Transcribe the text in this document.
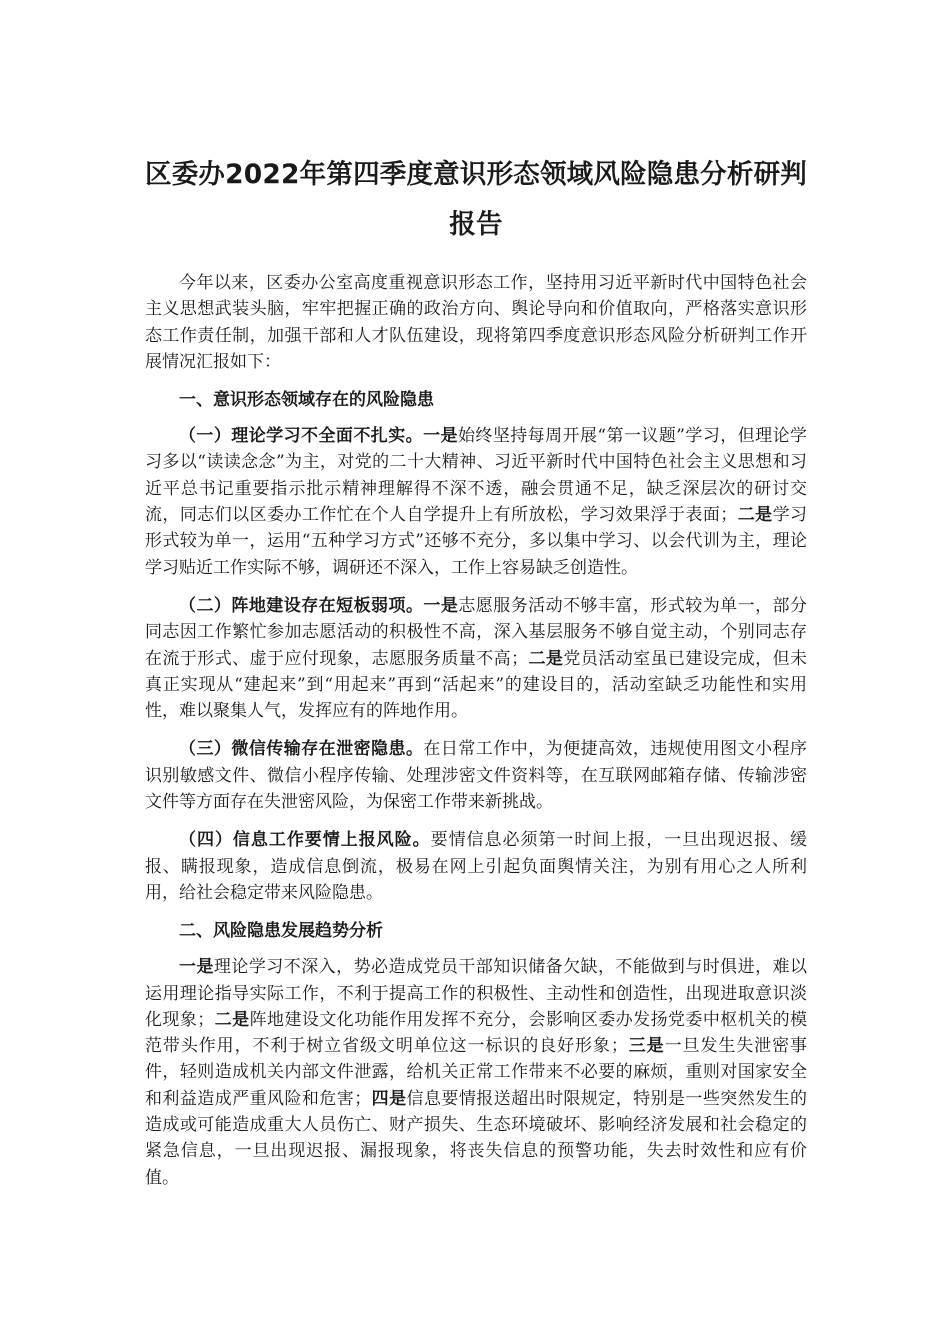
区委办2022年第四季度意识形态领域风险隐患分析研判报告

今年以来，区委办公室高度重视意识形态工作，坚持用习近平新时代中国特色社会主义思想武装头脑，牢牢把握正确的政治方向、舆论导向和价值取向，严格落实意识形态工作责任制，加强干部和人才队伍建设，现将第四季度意识形态风险分析研判工作开展情况汇报如下：

一、意识形态领域存在的风险隐患

（一）理论学习不全面不扎实。一是始终坚持每周开展“第一议题”学习，但理论学习多以“读读念念”为主，对党的二十大精神、习近平新时代中国特色社会主义思想和习近平总书记重要指示批示精神理解得不深不透，融会贯通不足，缺乏深层次的研讨交流，同志们以区委办工作忙在个人自学提升上有所放松，学习效果浮于表面；二是学习形式较为单一，运用“五种学习方式”还够不充分，多以集中学习、以会代训为主，理论学习贴近工作实际不够，调研还不深入，工作上容易缺乏创造性。

（二）阵地建设存在短板弱项。一是志愿服务活动不够丰富，形式较为单一，部分同志因工作繁忙参加志愿活动的积极性不高，深入基层服务不够自觉主动，个别同志存在流于形式、虚于应付现象，志愿服务质量不高；二是党员活动室虽已建设完成，但未真正实现从“建起来”到“用起来”再到“活起来”的建设目的，活动室缺乏功能性和实用性，难以聚集人气，发挥应有的阵地作用。

（三）微信传输存在泄密隐患。在日常工作中，为便捷高效，违规使用图文小程序识别敏感文件、微信小程序传输、处理涉密文件资料等，在互联网邮箱存储、传输涉密文件等方面存在失泄密风险，为保密工作带来新挑战。

（四）信息工作要情上报风险。要情信息必须第一时间上报，一旦出现迟报、缓报、瞒报现象，造成信息倒流，极易在网上引起负面舆情关注，为别有用心之人所利用，给社会稳定带来风险隐患。

二、风险隐患发展趋势分析

一是理论学习不深入，势必造成党员干部知识储备欠缺，不能做到与时俱进，难以运用理论指导实际工作，不利于提高工作的积极性、主动性和创造性，出现进取意识淡化现象；二是阵地建设文化功能作用发挥不充分，会影响区委办发扬党委中枢机关的模范带头作用，不利于树立省级文明单位这一标识的良好形象；三是一旦发生失泄密事件，轻则造成机关内部文件泄露，给机关正常工作带来不必要的麻烦，重则对国家安全和利益造成严重风险和危害；四是信息要情报送超出时限规定，特别是一些突然发生的造成或可能造成重大人员伤亡、财产损失、生态环境破坏、影响经济发展和社会稳定的紧急信息，一旦出现迟报、漏报现象，将丧失信息的预警功能，失去时效性和应有价值。
